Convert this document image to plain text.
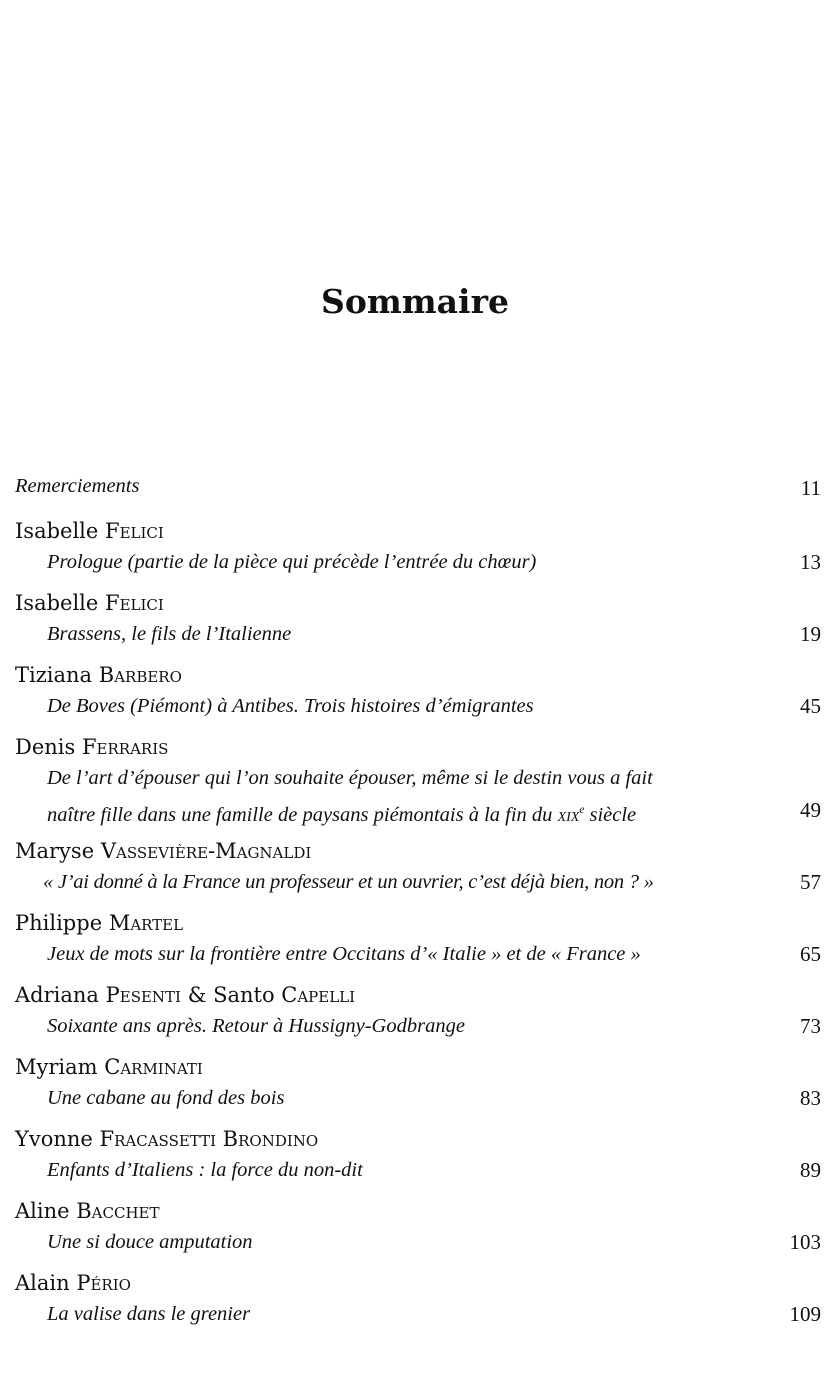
Sommaire
Remerciements	11
Isabelle Felici
Prologue (partie de la pièce qui précède l’entrée du chœur)	13
Isabelle Felici
Brassens, le fils de l’Italienne	19
Tiziana Barbero
De Boves (Piémont) à Antibes. Trois histoires d’émigrantes	45
Denis Ferraris
De l’art d’épouser qui l’on souhaite épouser, même si le destin vous a fait
naître fille dans une famille de paysans piémontais à la fin du xix$^e$ siècle	49
Maryse Vassevière-Magnaldi
« J’ai donné à la France un professeur et un ouvrier, c’est déjà bien, non ? »	57
Philippe Martel
Jeux de mots sur la frontière entre Occitans d’« Italie » et de « France »	65
Adriana Pesenti & Santo Capelli
Soixante ans après. Retour à Hussigny-Godbrange	73
Myriam Carminati
Une cabane au fond des bois	83
Yvonne Fracassetti Brondino
Enfants d’Italiens : la force du non-dit	89
Aline Bacchet
Une si douce amputation	103
Alain Pério
La valise dans le grenier	109
